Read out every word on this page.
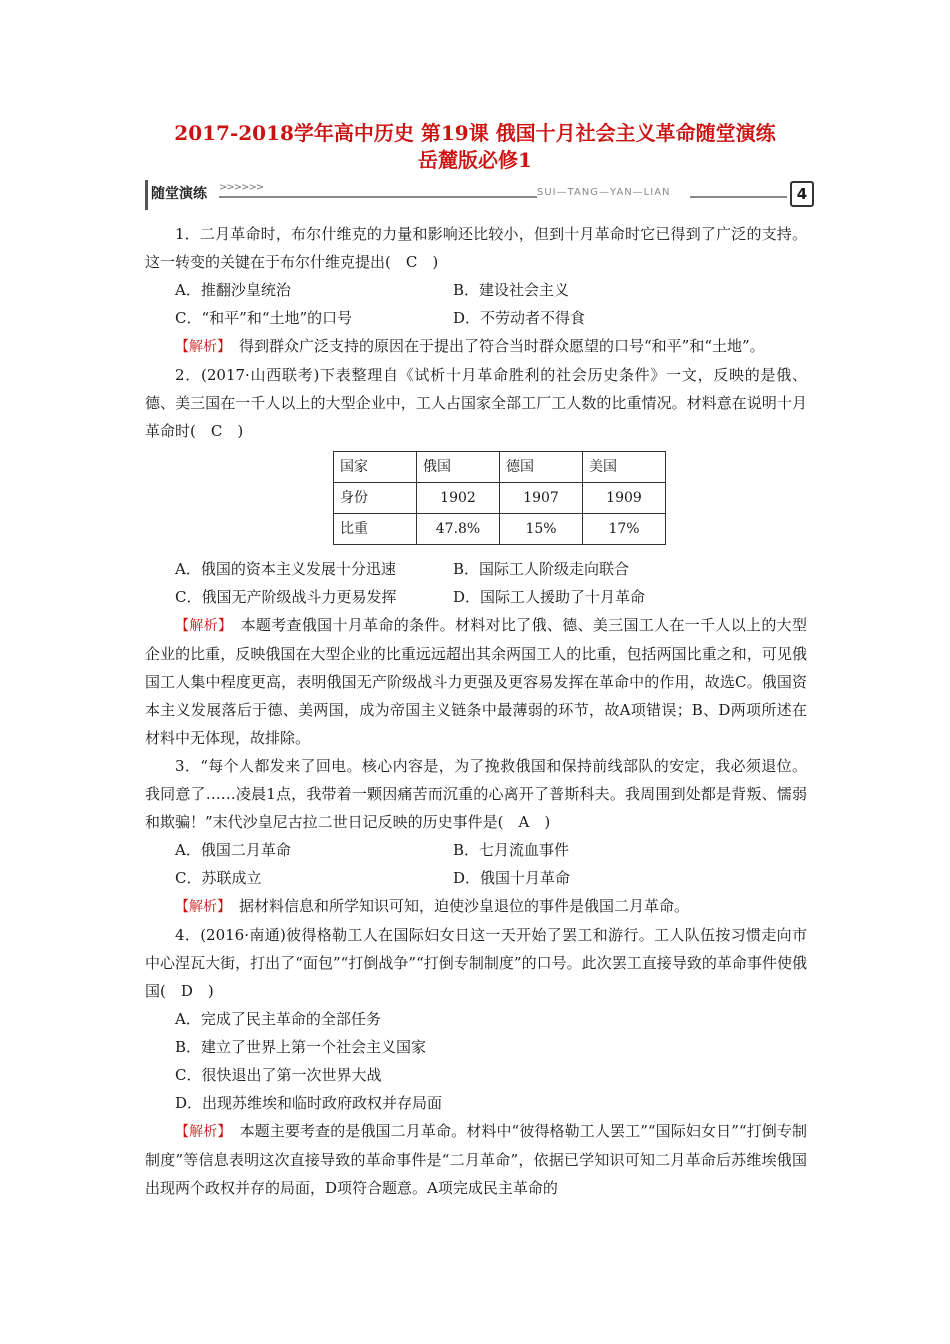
2017-2018学年高中历史 第19课 俄国十月社会主义革命随堂演练
岳麓版必修1
随堂演练 >>>>>>	SUI—TANG—YAN—LIAN	4

1．二月革命时，布尔什维克的力量和影响还比较小，但到十月革命时它已得到了广泛的支持。这一转变的关键在于布尔什维克提出(　C　)

A．推翻沙皇统治	B．建设社会主义
C．“和平”和“土地”的口号	D．不劳动者不得食

【解析】　得到群众广泛支持的原因在于提出了符合当时群众愿望的口号“和平”和“土地”。

2．(2017·山西联考)下表整理自《试析十月革命胜利的社会历史条件》一文，反映的是俄、德、美三国在一千人以上的大型企业中，工人占国家全部工厂工人数的比重情况。材料意在说明十月革命时(　C　)

国家	俄国	德国	美国
身份	1902	1907	1909
比重	47.8%	15%	17%
A．俄国的资本主义发展十分迅速	B．国际工人阶级走向联合
C．俄国无产阶级战斗力更易发挥	D．国际工人援助了十月革命

【解析】　本题考查俄国十月革命的条件。材料对比了俄、德、美三国工人在一千人以上的大型企业的比重，反映俄国在大型企业的比重远远超出其余两国工人的比重，包括两国比重之和，可见俄国工人集中程度更高，表明俄国无产阶级战斗力更强及更容易发挥在革命中的作用，故选C。俄国资本主义发展落后于德、美两国，成为帝国主义链条中最薄弱的环节，故A项错误；B、D两项所述在材料中无体现，故排除。

3．“每个人都发来了回电。核心内容是，为了挽救俄国和保持前线部队的安定，我必须退位。我同意了……凌晨1点，我带着一颗因痛苦而沉重的心离开了普斯科夫。我周围到处都是背叛、懦弱和欺骗！”末代沙皇尼古拉二世日记反映的历史事件是(　A　)

A．俄国二月革命	B．七月流血事件
C．苏联成立	D．俄国十月革命

【解析】　据材料信息和所学知识可知，迫使沙皇退位的事件是俄国二月革命。

4．(2016·南通)彼得格勒工人在国际妇女日这一天开始了罢工和游行。工人队伍按习惯走向市中心涅瓦大街，打出了“面包”“打倒战争”“打倒专制制度”的口号。此次罢工直接导致的革命事件使俄国(　D　)

A．完成了民主革命的全部任务

B．建立了世界上第一个社会主义国家

C．很快退出了第一次世界大战

D．出现苏维埃和临时政府政权并存局面

【解析】　本题主要考查的是俄国二月革命。材料中“彼得格勒工人罢工”“国际妇女日”“打倒专制制度”等信息表明这次直接导致的革命事件是“二月革命”，依据已学知识可知二月革命后苏维埃俄国出现两个政权并存的局面，D项符合题意。A项完成民主革命的
